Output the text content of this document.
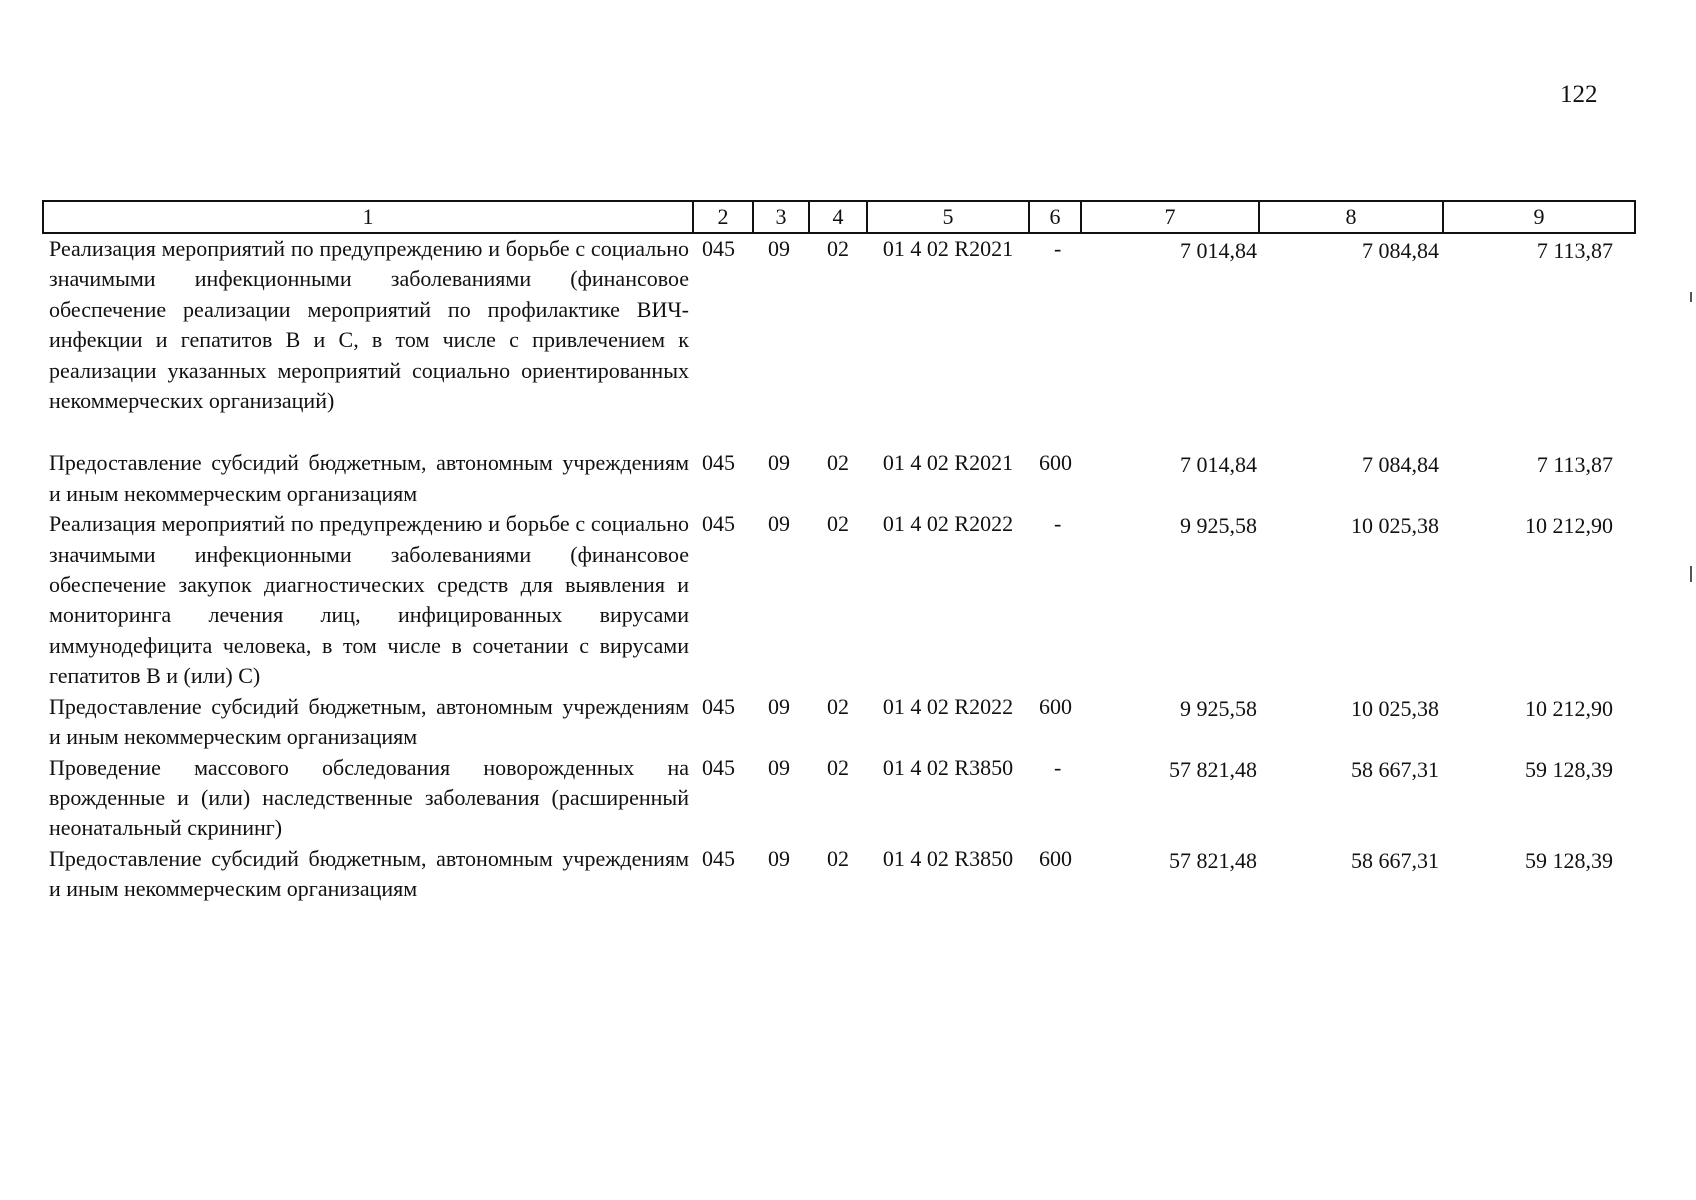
122
1	2	3	4	5	6	7	8	9

Реализация мероприятий по предупреждению и борьбе с социально значимыми инфекционными заболеваниями (финансовое обеспечение реализации мероприятий по профилактике ВИЧ-инфекции и гепатитов В и С, в том числе с привлечением к реализации указанных мероприятий социально ориентированных некоммерческих организаций)	045	09	02	01 4 02 R2021	-	7 014,84	7 084,84	7 113,87

Предоставление субсидий бюджетным, автономным учреждениям и иным некоммерческим организациям	045	09	02	01 4 02 R2021	600	7 014,84	7 084,84	7 113,87

Реализация мероприятий по предупреждению и борьбе с социально значимыми инфекционными заболеваниями (финансовое обеспечение закупок диагностических средств для выявления и мониторинга лечения лиц, инфицированных вирусами иммунодефицита человека, в том числе в сочетании с вирусами гепатитов В и (или) С)	045	09	02	01 4 02 R2022	-	9 925,58	10 025,38	10 212,90

Предоставление субсидий бюджетным, автономным учреждениям и иным некоммерческим организациям	045	09	02	01 4 02 R2022	600	9 925,58	10 025,38	10 212,90

Проведение массового обследования новорожденных на врожденные и (или) наследственные заболевания (расширенный неонатальный скрининг)	045	09	02	01 4 02 R3850	-	57 821,48	58 667,31	59 128,39

Предоставление субсидий бюджетным, автономным учреждениям и иным некоммерческим организациям	045	09	02	01 4 02 R3850	600	57 821,48	58 667,31	59 128,39
